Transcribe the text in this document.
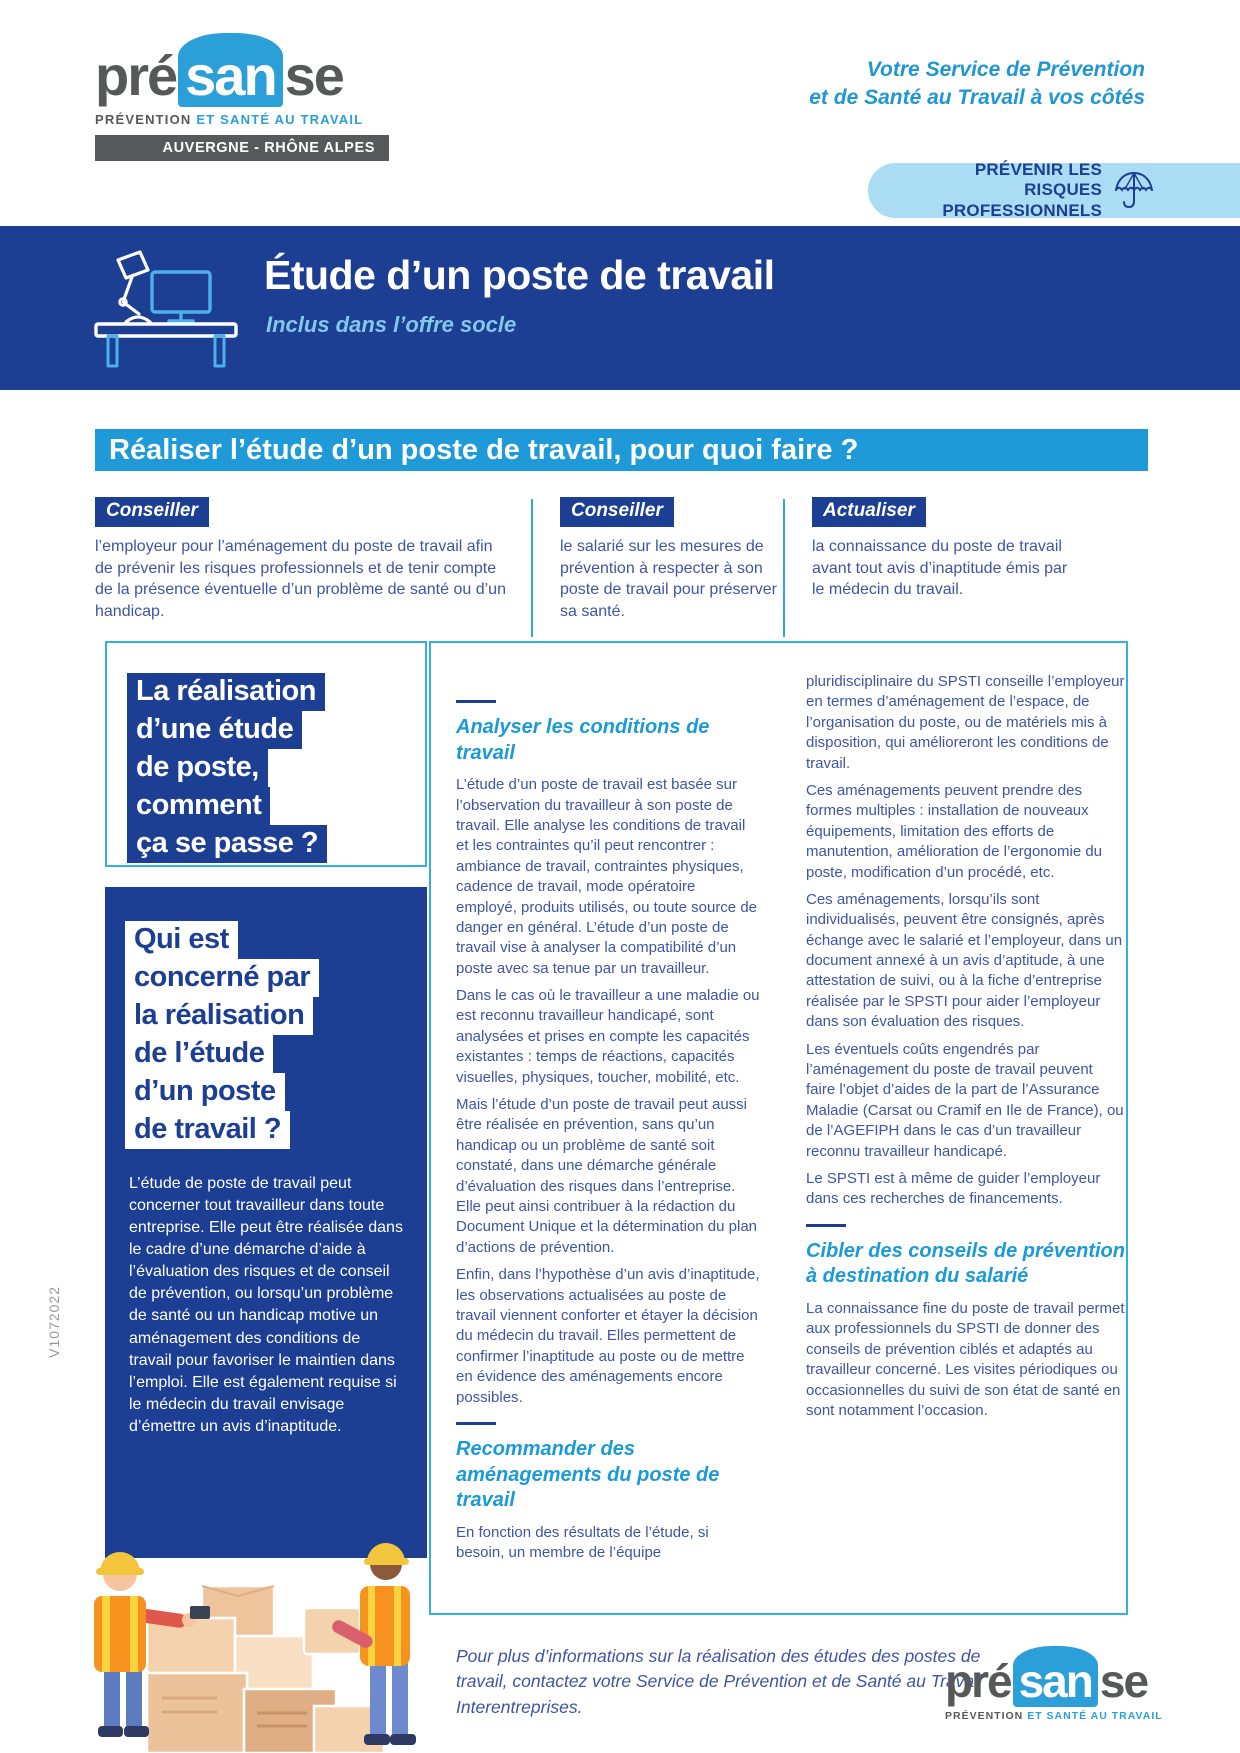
pré san se
PRÉVENTION ET SANTÉ AU TRAVAIL
AUVERGNE - RHÔNE ALPES
Votre Service de Prévention
et de Santé au Travail à vos côtés
PRÉVENIR LES RISQUES
PROFESSIONNELS
Étude d’un poste de travail
Inclus dans l’offre socle
Réaliser l’étude d’un poste de travail, pour quoi faire ?
Conseiller
l’employeur pour l’aménagement du poste de travail afin de prévenir les risques professionnels et de tenir compte de la présence éventuelle d’un problème de santé ou d’un handicap.
Conseiller
le salarié sur les mesures de prévention à respecter à son poste de travail pour préserver sa santé.
Actualiser
la connaissance du poste de travail avant tout avis d’inaptitude émis par le médecin du travail.
Analyser les conditions de travail

L’étude d’un poste de travail est basée sur l’observation du travailleur à son poste de travail. Elle analyse les conditions de travail et les contraintes qu’il peut rencontrer : ambiance de travail, contraintes physiques, cadence de travail, mode opératoire employé, produits utilisés, ou toute source de danger en général. L’étude d’un poste de travail vise à analyser la compatibilité d’un poste avec sa tenue par un travailleur.

Dans le cas où le travailleur a une maladie ou est reconnu travailleur handicapé, sont analysées et prises en compte les capacités existantes : temps de réactions, capacités visuelles, physiques, toucher, mobilité, etc.

Mais l’étude d’un poste de travail peut aussi être réalisée en prévention, sans qu’un handicap ou un problème de santé soit constaté, dans une démarche générale d’évaluation des risques dans l’entreprise. Elle peut ainsi contribuer à la rédaction du Document Unique et la détermination du plan d’actions de prévention.

Enfin, dans l’hypothèse d’un avis d’inaptitude, les observations actualisées au poste de travail viennent conforter et étayer la décision du médecin du travail. Elles permettent de confirmer l’inaptitude au poste ou de mettre en évidence des aménagements encore possibles.

Recommander des aménagements du poste de travail

En fonction des résultats de l’étude, si besoin, un membre de l’équipe

pluridisciplinaire du SPSTI conseille l’employeur en termes d’aménagement de l’espace, de l’organisation du poste, ou de matériels mis à disposition, qui amélioreront les conditions de travail.

Ces aménagements peuvent prendre des formes multiples : installation de nouveaux équipements, limitation des efforts de manutention, amélioration de l’ergonomie du poste, modification d’un procédé, etc.

Ces aménagements, lorsqu’ils sont individualisés, peuvent être consignés, après échange avec le salarié et l’employeur, dans un document annexé à un avis d’aptitude, à une attestation de suivi, ou à la fiche d’entreprise réalisée par le SPSTI pour aider l’employeur dans son évaluation des risques.

Les éventuels coûts engendrés par l’aménagement du poste de travail peuvent faire l’objet d’aides de la part de l’Assurance Maladie (Carsat ou Cramif en Ile de France), ou de l’AGEFIPH dans le cas d’un travailleur reconnu travailleur handicapé.

Le SPSTI est à même de guider l’employeur dans ces recherches de financements.

Cibler des conseils de prévention à destination du salarié

La connaissance fine du poste de travail permet aux professionnels du SPSTI de donner des conseils de prévention ciblés et adaptés au travailleur concerné. Les visites périodiques ou occasionnelles du suivi de son état de santé en sont notamment l’occasion.

La réalisation
d’une étude
de poste,
comment
ça se passe ?
Qui est
concerné par
la réalisation
de l’étude
d’un poste
de travail ?
L’étude de poste de travail peut concerner tout travailleur dans toute entreprise. Elle peut être réalisée dans le cadre d’une démarche d’aide à l’évaluation des risques et de conseil de prévention, ou lorsqu’un problème de santé ou un handicap motive un aménagement des conditions de travail pour favoriser le maintien dans l’emploi. Elle est également requise si le médecin du travail envisage d’émettre un avis d’inaptitude.
Pour plus d’informations sur la réalisation des études des postes de travail, contactez votre Service de Prévention et de Santé au Travail Interentreprises.	pré san se
PRÉVENTION ET SANTÉ AU TRAVAIL
V1072022
